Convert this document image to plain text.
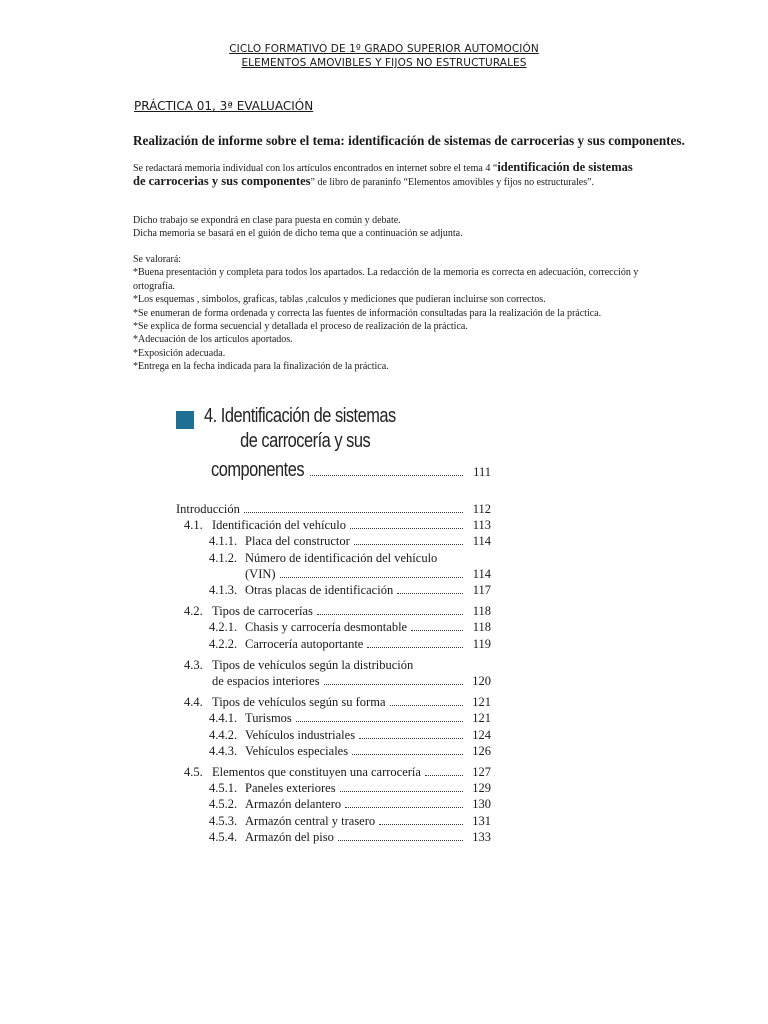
CICLO FORMATIVO DE 1º GRADO SUPERIOR AUTOMOCIÓN
ELEMENTOS AMOVIBLES Y FIJOS NO ESTRUCTURALES
PRÁCTICA 01, 3ª EVALUACIÓN
Realización de informe sobre el tema: identificación de sistemas de carrocerias y sus componentes.
Se redactará memoria individual con los artículos encontrados en internet sobre el tema 4 “identificación de sistemas de carrocerias y sus componentes” de libro de paraninfo “Elementos amovibles y fijos no estructurales”.
Dicho trabajo se expondrá en clase para puesta en común y debate.
Dicha memoria se basará en el guión de dicho tema que a continuación se adjunta.
Se valorará:
*Buena presentación y completa para todos los apartados. La redacción de la memoria es correcta en adecuación, corrección y ortografía.
*Los esquemas , simbolos, graficas, tablas ,calculos y mediciones que pudieran incluirse son correctos.
*Se enumeran de forma ordenada y correcta las fuentes de información consultadas para la realización de la práctica.
*Se explica de forma secuencial y detallada el proceso de realización de la práctica.
*Adecuación de los artículos aportados.
*Exposición adecuada.
*Entrega en la fecha indicada para la finalización de la práctica.
4. Identificación de sistemas
de carrocería y sus
componentes	111
Introducción	112
4.1. Identificación del vehículo	113
4.1.1. Placa del constructor	114
4.1.2. Número de identificación del vehículo
(VIN)	114
4.1.3. Otras placas de identificación	117
4.2. Tipos de carrocerías	118
4.2.1. Chasis y carrocería desmontable	118
4.2.2. Carrocería autoportante	119
4.3. Tipos de vehículos según la distribución
de espacios interiores	120
4.4. Tipos de vehículos según su forma	121
4.4.1. Turismos	121
4.4.2. Vehículos industriales	124
4.4.3. Vehículos especiales	126
4.5. Elementos que constituyen una carrocería	127
4.5.1. Paneles exteriores	129
4.5.2. Armazón delantero	130
4.5.3. Armazón central y trasero	131
4.5.4. Armazón del piso	133
